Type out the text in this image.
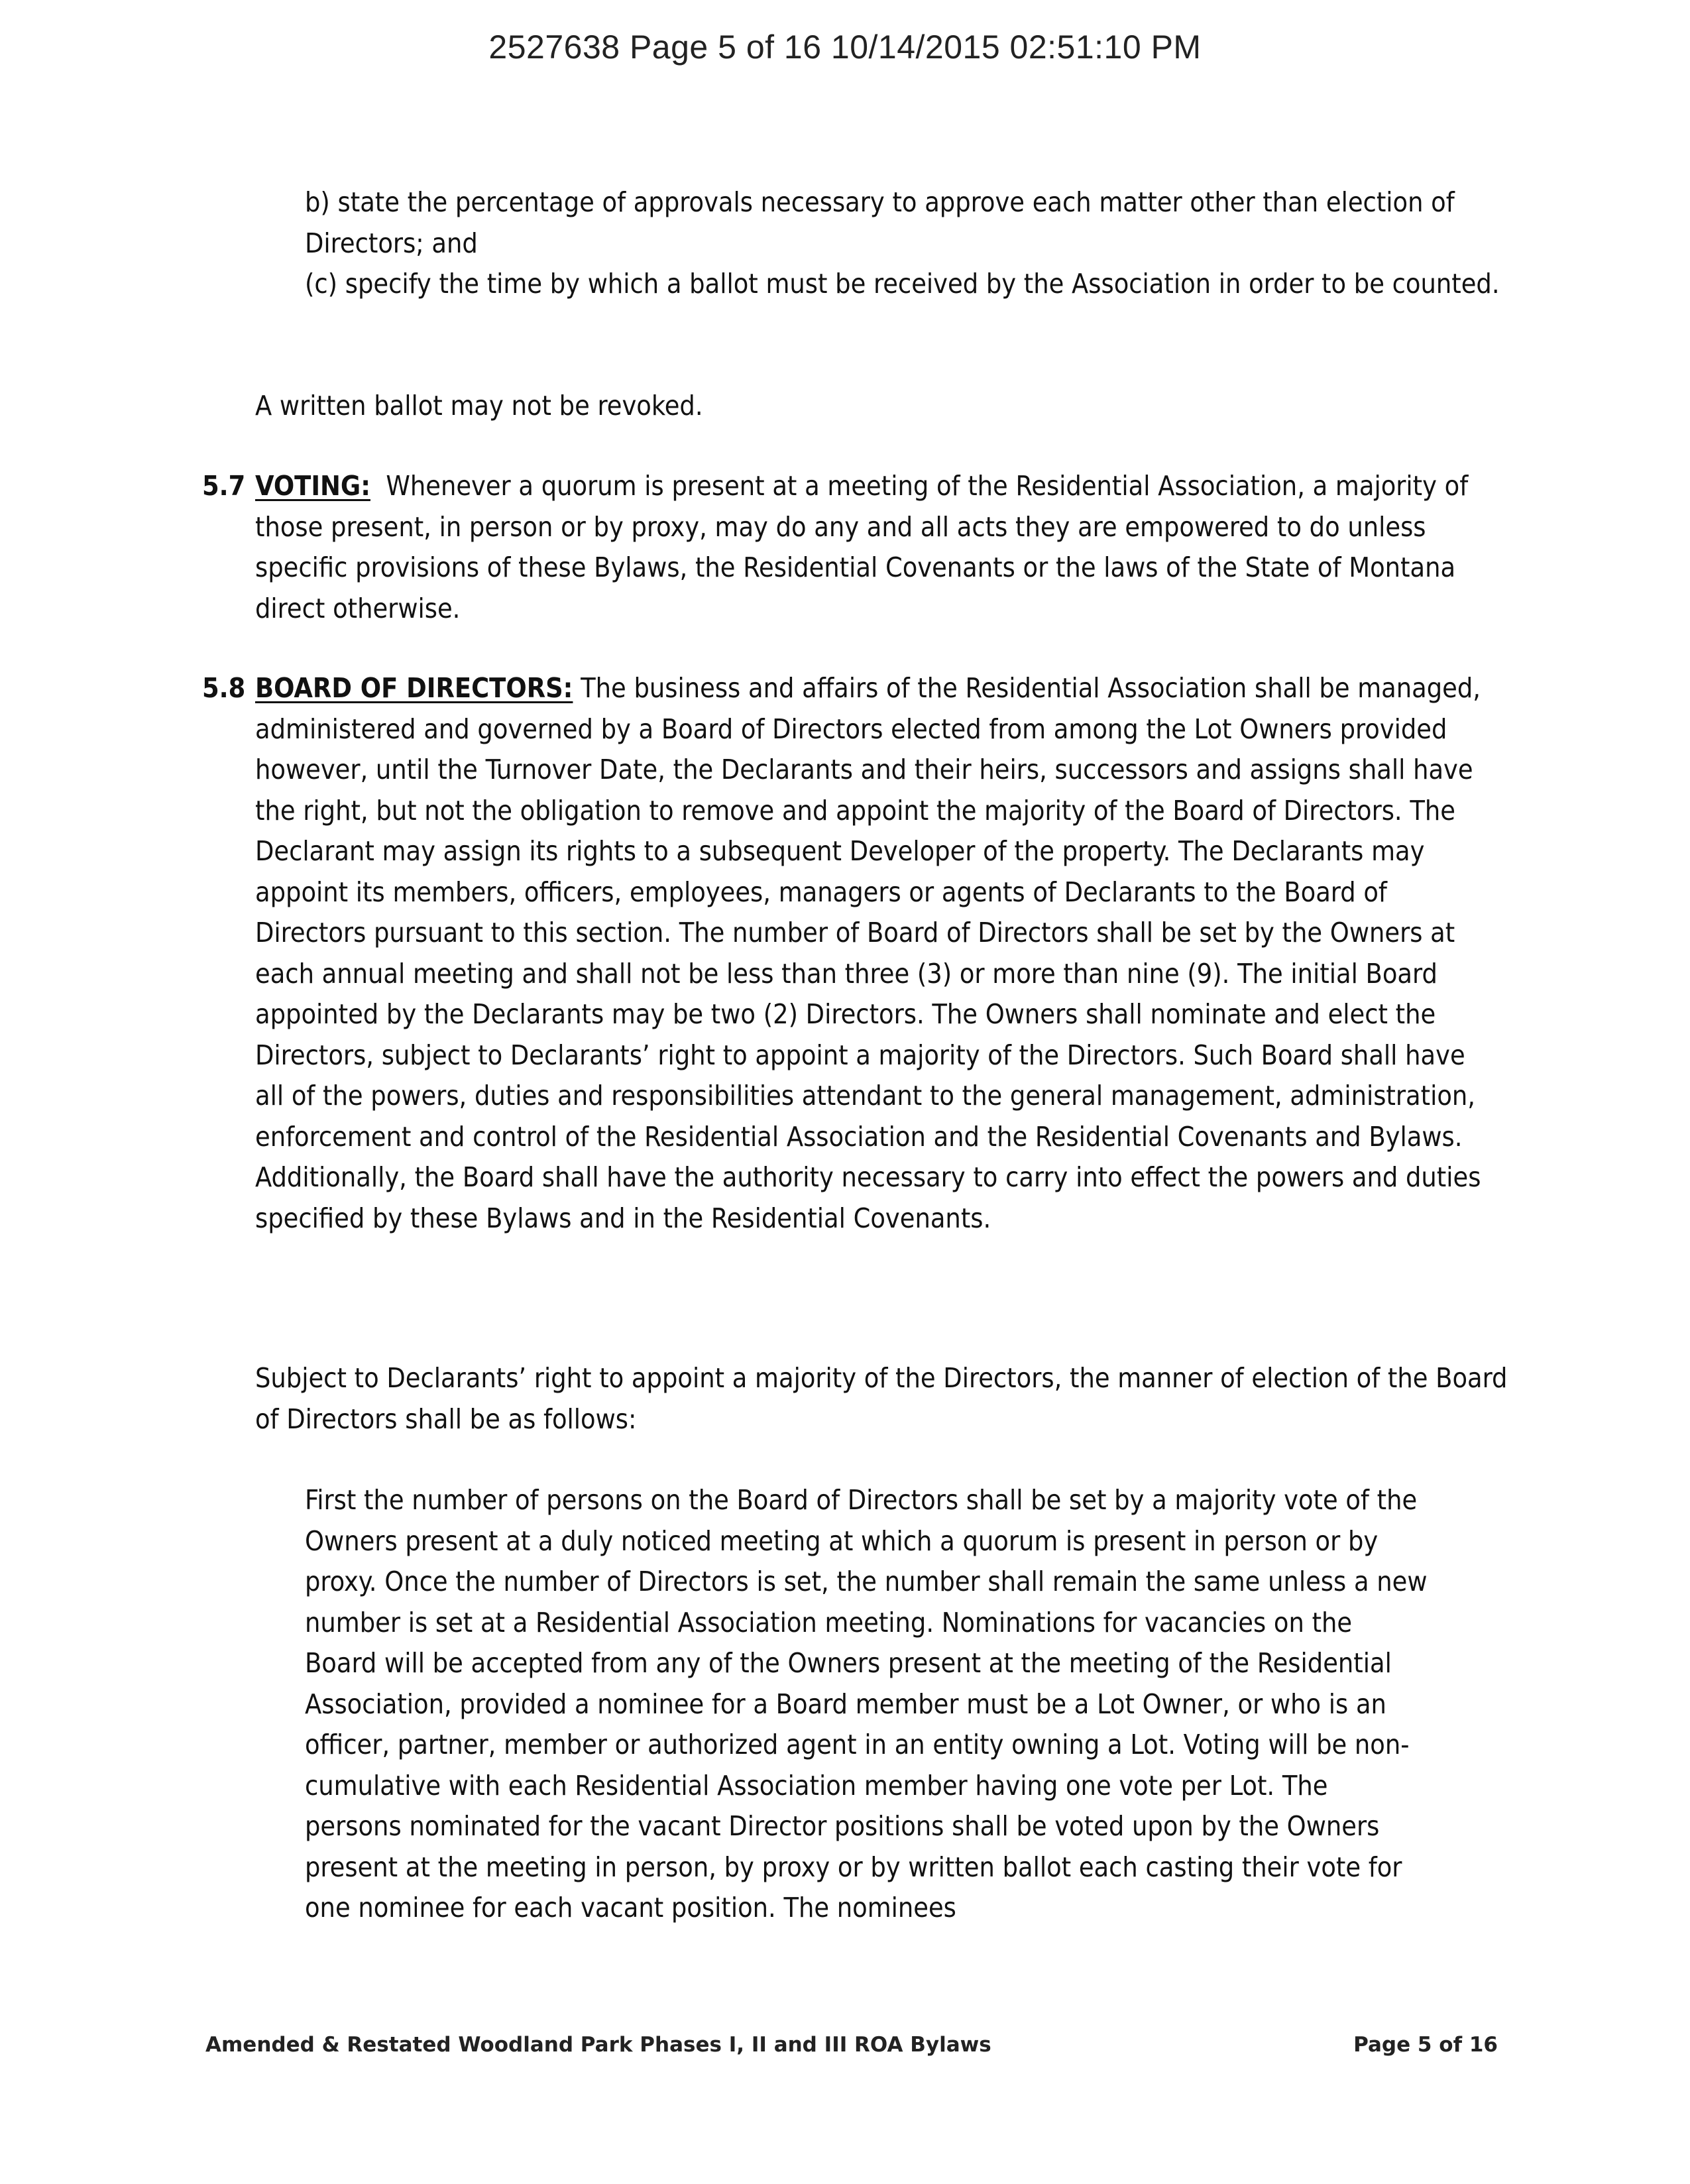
2527638 Page 5 of 16 10/14/2015 02:51:10 PM

b) state the percentage of approvals necessary to approve each matter other than election of Directors; and

(c) specify the time by which a ballot must be received by the Association in order to be counted.

A written ballot may not be revoked.

5.7 VOTING: Whenever a quorum is present at a meeting of the Residential Association, a majority of those present, in person or by proxy, may do any and all acts they are empowered to do unless specific provisions of these Bylaws, the Residential Covenants or the laws of the State of Montana direct otherwise.

5.8 BOARD OF DIRECTORS: The business and affairs of the Residential Association shall be managed, administered and governed by a Board of Directors elected from among the Lot Owners provided however, until the Turnover Date, the Declarants and their heirs, successors and assigns shall have the right, but not the obligation to remove and appoint the majority of the Board of Directors. The Declarant may assign its rights to a subsequent Developer of the property. The Declarants may appoint its members, officers, employees, managers or agents of Declarants to the Board of Directors pursuant to this section. The number of Board of Directors shall be set by the Owners at each annual meeting and shall not be less than three (3) or more than nine (9). The initial Board appointed by the Declarants may be two (2) Directors. The Owners shall nominate and elect the Directors, subject to Declarants’ right to appoint a majority of the Directors. Such Board shall have all of the powers, duties and responsibilities attendant to the general management, administration, enforcement and control of the Residential Association and the Residential Covenants and Bylaws. Additionally, the Board shall have the authority necessary to carry into effect the powers and duties specified by these Bylaws and in the Residential Covenants.

Subject to Declarants’ right to appoint a majority of the Directors, the manner of election of the Board of Directors shall be as follows:

First the number of persons on the Board of Directors shall be set by a majority vote of the Owners present at a duly noticed meeting at which a quorum is present in person or by proxy. Once the number of Directors is set, the number shall remain the same unless a new number is set at a Residential Association meeting. Nominations for vacancies on the Board will be accepted from any of the Owners present at the meeting of the Residential Association, provided a nominee for a Board member must be a Lot Owner, or who is an officer, partner, member or authorized agent in an entity owning a Lot. Voting will be non-cumulative with each Residential Association member having one vote per Lot. The persons nominated for the vacant Director positions shall be voted upon by the Owners present at the meeting in person, by proxy or by written ballot each casting their vote for one nominee for each vacant position. The nominees

Amended & Restated Woodland Park Phases I, II and III ROA Bylaws	Page 5 of 16
